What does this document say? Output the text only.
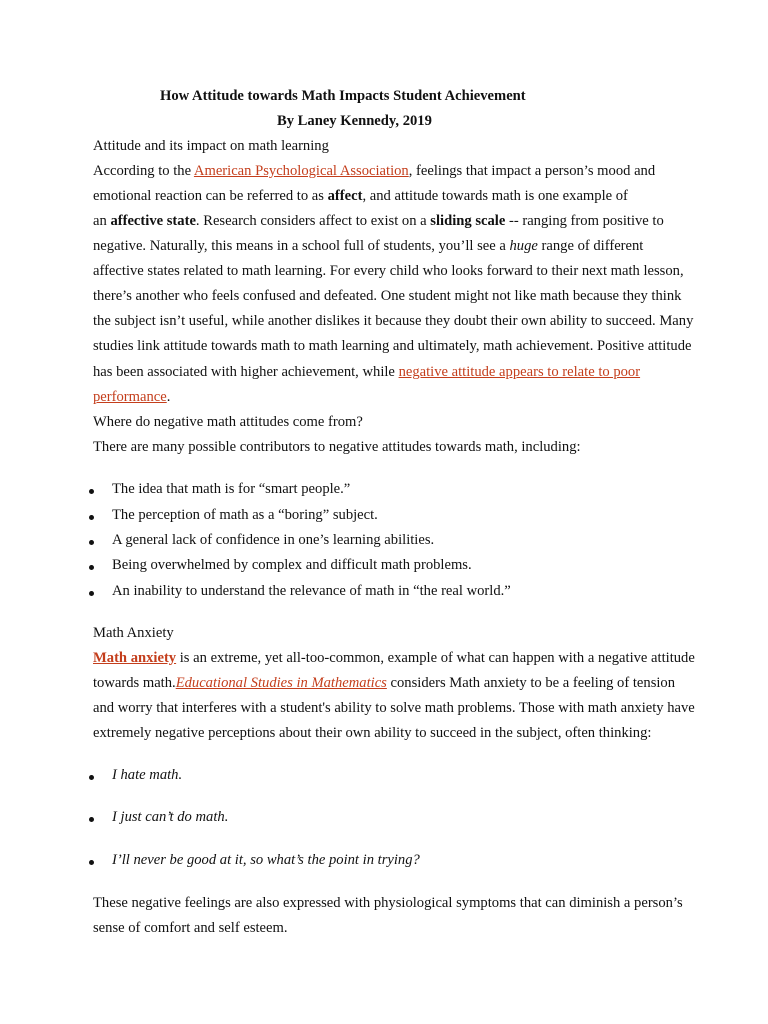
How Attitude towards Math Impacts Student Achievement
By Laney Kennedy, 2019
Attitude and its impact on math learning
According to the American Psychological Association, feelings that impact a person’s mood and
emotional reaction can be referred to as affect, and attitude towards math is one example of
an affective state. Research considers affect to exist on a sliding scale -- ranging from positive to
negative. Naturally, this means in a school full of students, you’ll see a huge range of different
affective states related to math learning. For every child who looks forward to their next math lesson,
there’s another who feels confused and defeated. One student might not like math because they think
the subject isn’t useful, while another dislikes it because they doubt their own ability to succeed. Many
studies link attitude towards math to math learning and ultimately, math achievement. Positive attitude
has been associated with higher achievement, while negative attitude appears to relate to poor
performance.
Where do negative math attitudes come from?
There are many possible contributors to negative attitudes towards math, including:
The idea that math is for “smart people.”
The perception of math as a “boring” subject.
A general lack of confidence in one’s learning abilities.
Being overwhelmed by complex and difficult math problems.
An inability to understand the relevance of math in “the real world.”
Math Anxiety
Math anxiety is an extreme, yet all-too-common, example of what can happen with a negative attitude
towards math.Educational Studies in Mathematics considers Math anxiety to be a feeling of tension
and worry that interferes with a student's ability to solve math problems. Those with math anxiety have
extremely negative perceptions about their own ability to succeed in the subject, often thinking:
I hate math.
I just can’t do math.
I’ll never be good at it, so what’s the point in trying?
These negative feelings are also expressed with physiological symptoms that can diminish a person’s
sense of comfort and self esteem.
